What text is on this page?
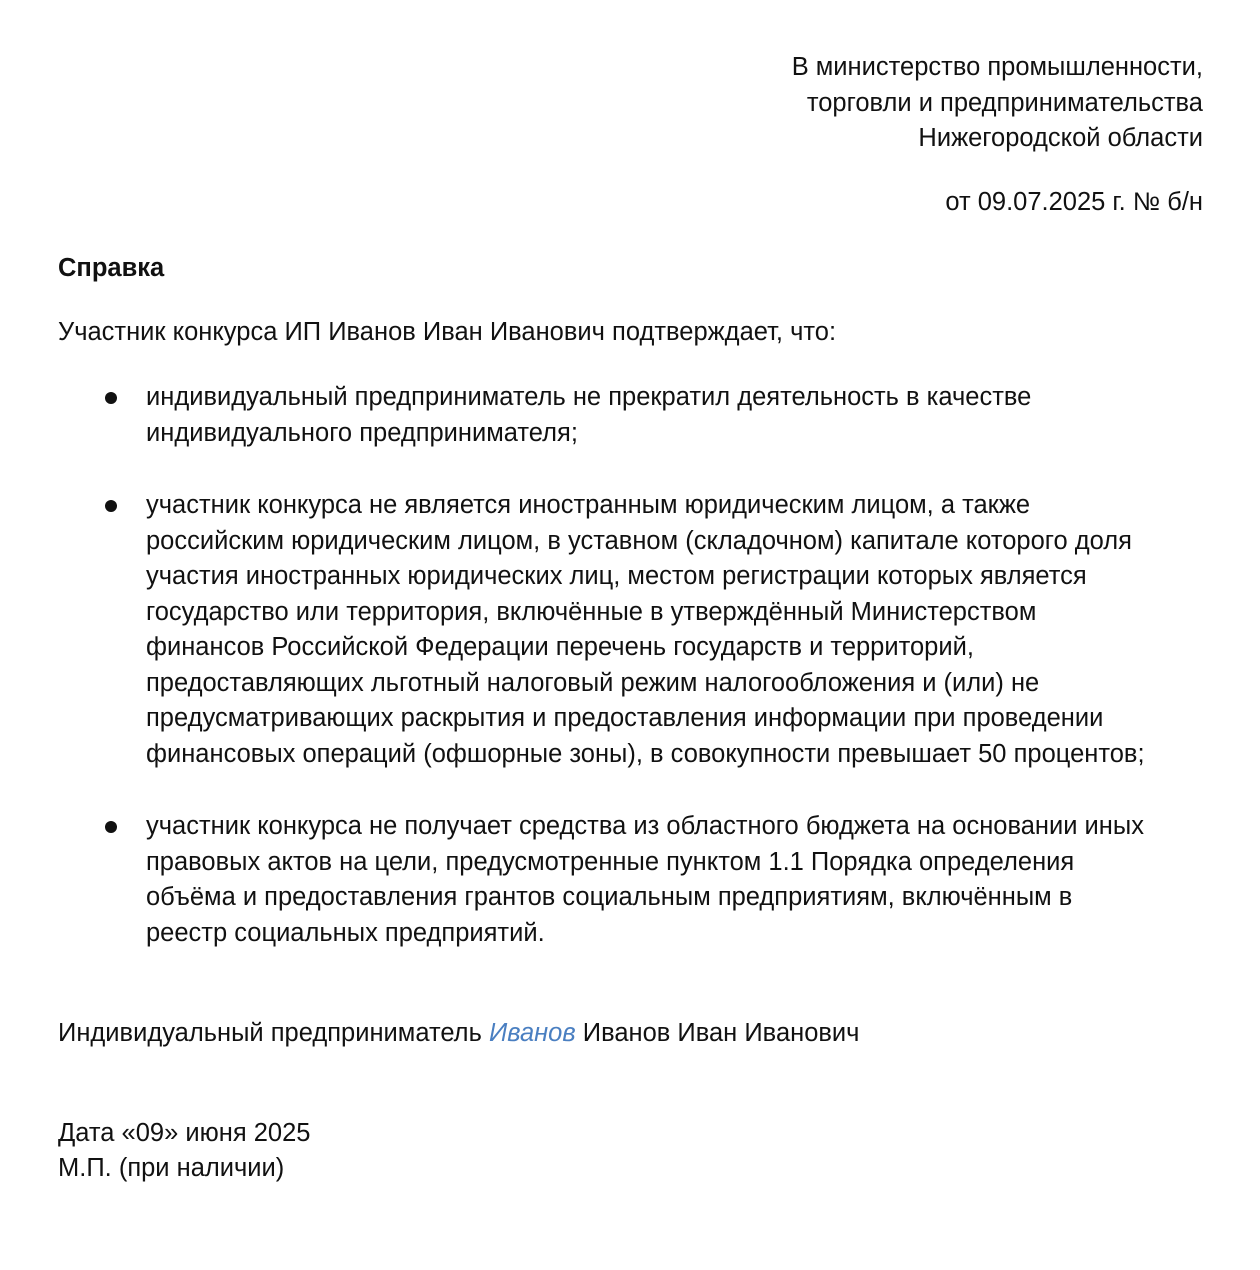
В министерство промышленности,
торговли и предпринимательства
Нижегородской области
от 09.07.2025 г. № б/н
Справка
Участник конкурса ИП Иванов Иван Иванович подтверждает, что:
индивидуальный предприниматель не прекратил деятельность в качестве
индивидуального предпринимателя;
участник конкурса не является иностранным юридическим лицом, а также
российским юридическим лицом, в уставном (складочном) капитале которого доля
участия иностранных юридических лиц, местом регистрации которых является
государство или территория, включённые в утверждённый Министерством
финансов Российской Федерации перечень государств и территорий,
предоставляющих льготный налоговый режим налогообложения и (или) не
предусматривающих раскрытия и предоставления информации при проведении
финансовых операций (офшорные зоны), в совокупности превышает 50 процентов;
участник конкурса не получает средства из областного бюджета на основании иных
правовых актов на цели, предусмотренные пунктом 1.1 Порядка определения
объёма и предоставления грантов социальным предприятиям, включённым в
реестр социальных предприятий.
Индивидуальный предприниматель Иванов Иванов Иван Иванович
Дата «09» июня 2025
М.П. (при наличии)
